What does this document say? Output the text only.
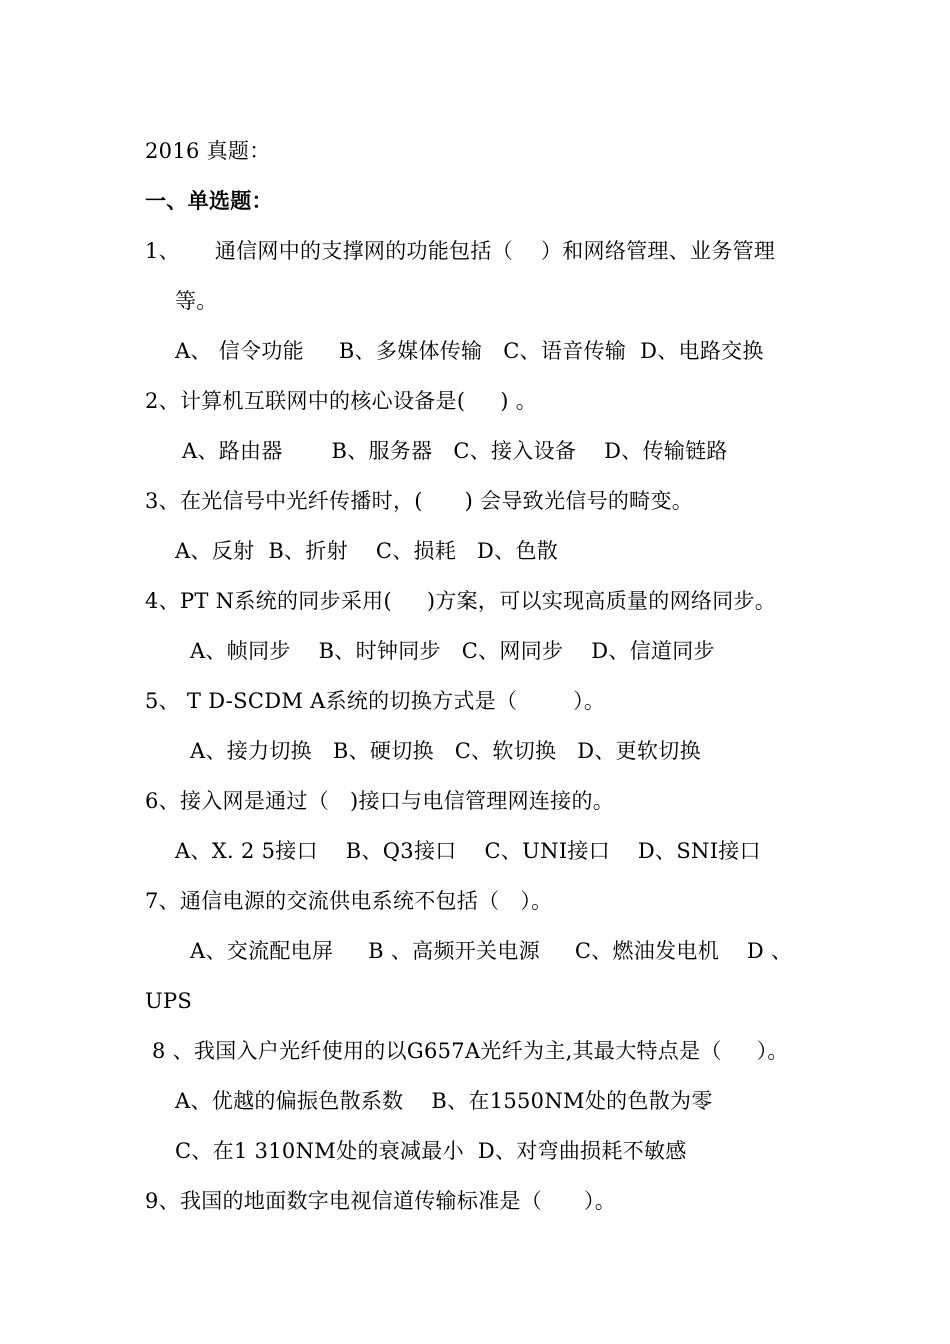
2016 真题：
一、单选题：
1、     通信网中的支撑网的功能包括（    ）和网络管理、业务管理
等。
A、 信令功能     B、多媒体传输   C、语音传输  D、电路交换
2、计算机互联网中的核心设备是(     ) 。
A、路由器       B、服务器   C、接入设备    D、传输链路
3、在光信号中光纤传播时，(      ) 会导致光信号的畸变。
A、反射  B、折射    C、损耗   D、色散
4、PT N系统的同步采用(     )方案，可以实现高质量的网络同步。
A、帧同步    B、时钟同步   C、网同步    D、信道同步
5、 T D-SCDM A系统的切换方式是（        ）。
A、接力切换   B、硬切换   C、软切换   D、更软切换
6、接入网是通过（   )接口与电信管理网连接的。
A、X. 2 5接口    B、Q3接口    C、UNI接口    D、SNI接口
7、通信电源的交流供电系统不包括（   ）。
A、交流配电屏     B 、高频开关电源     C、燃油发电机    D 、
UPS
8 、我国入户光纤使用的以G657A光纤为主,其最大特点是（     ）。
A、优越的偏振色散系数    B、在1550NM处的色散为零
C、在1 310NM处的衰减最小  D、对弯曲损耗不敏感
9、我国的地面数字电视信道传输标准是（      ）。
